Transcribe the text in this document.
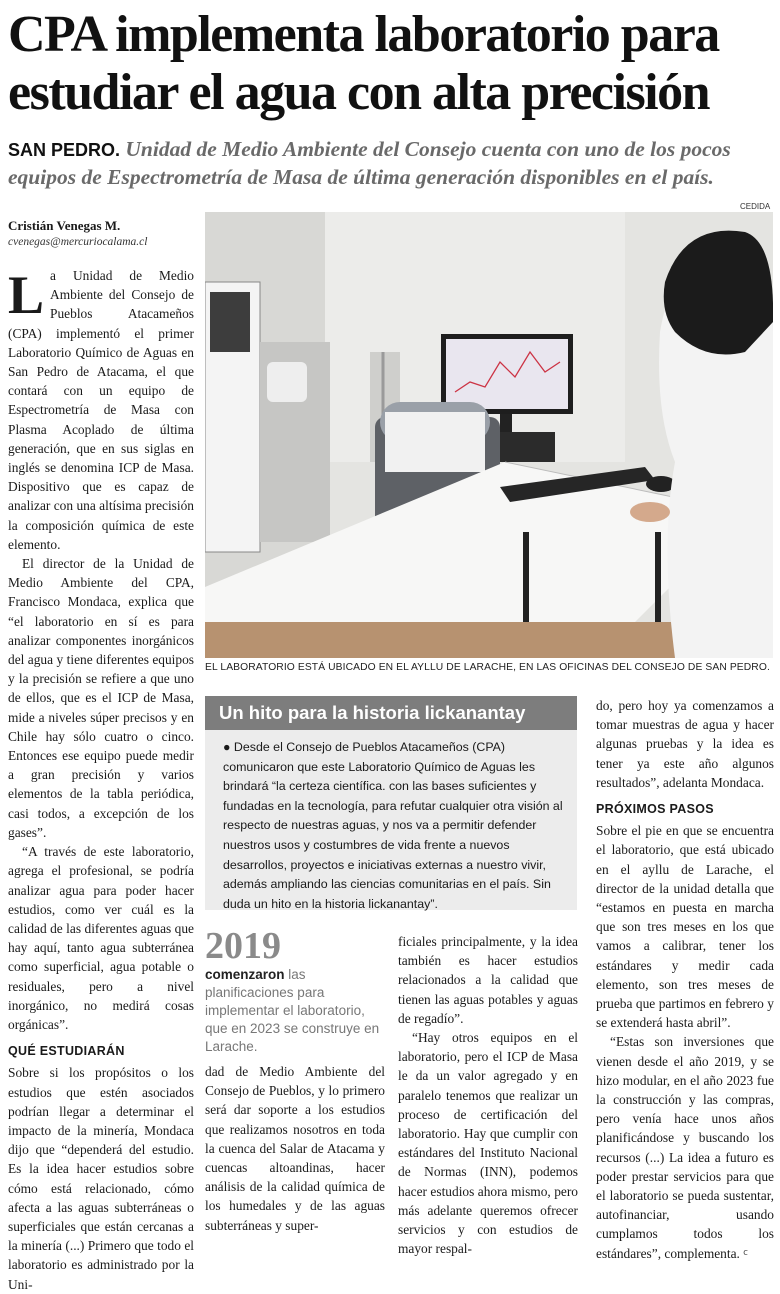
CPA implementa laboratorio para estudiar el agua con alta precisión
SAN PEDRO. Unidad de Medio Ambiente del Consejo cuenta con uno de los pocos equipos de Espectrometría de Masa de última generación disponibles en el país.
Cristián Venegas M.
cvenegas@mercuriocalama.cl

La Unidad de Medio Ambiente del Consejo de Pueblos Atacameños (CPA) implementó el primer Laboratorio Químico de Aguas en San Pedro de Atacama, el que contará con un equipo de Espectrometría de Masa con Plasma Acoplado de última generación, que en sus siglas en inglés se denomina ICP de Masa. Dispositivo que es capaz de analizar con una altísima precisión la composición química de este elemento.

El director de la Unidad de Medio Ambiente del CPA, Francisco Mondaca, explica que “el laboratorio en sí es para analizar componentes inorgánicos del agua y tiene diferentes equipos y la precisión se refiere a que uno de ellos, que es el ICP de Masa, mide a niveles súper precisos y en Chile hay sólo cuatro o cinco. Entonces ese equipo puede medir a gran precisión y varios elementos de la tabla periódica, casi todos, a excepción de los gases”.

“A través de este laboratorio, agrega el profesional, se podría analizar agua para poder hacer estudios, como ver cuál es la calidad de las diferentes aguas que hay aquí, tanto agua subterránea como superficial, agua potable o residuales, pero a nivel inorgánico, no medirá cosas orgánicas”.

QUÉ ESTUDIARÁN

Sobre si los propósitos o los estudios que estén asociados podrían llegar a determinar el impacto de la minería, Mondaca dijo que “dependerá del estudio. Es la idea hacer estudios sobre cómo está relacionado, cómo afecta a las aguas subterráneas o superficiales que están cercanas a la minería (...) Primero que todo el laboratorio es administrado por la Uni-

CEDIDA
EL LABORATORIO ESTÁ UBICADO EN EL AYLLU DE LARACHE, EN LAS OFICINAS DEL CONSEJO DE SAN PEDRO.
Un hito para la historia lickanantay
● Desde el Consejo de Pueblos Atacameños (CPA) comunicaron que este Laboratorio Químico de Aguas les brindará “la certeza científica. con las bases suficientes y fundadas en la tecnología, para refutar cualquier otra visión al respecto de nuestras aguas, y nos va a permitir defender nuestros usos y costumbres de vida frente a nuevos desarrollos, proyectos e iniciativas externas a nuestro vivir, además ampliando las ciencias comunitarias en el país. Sin duda un hito en la historia lickanantay”.
2019
comenzaron las planificaciones para implementar el laboratorio, que en 2023 se construye en Larache.

dad de Medio Ambiente del Consejo de Pueblos, y lo primero será dar soporte a los estudios que realizamos nosotros en toda la cuenca del Salar de Atacama y cuencas altoandinas, hacer análisis de la calidad química de los humedales y de las aguas subterráneas y super-

ficiales principalmente, y la idea también es hacer estudios relacionados a la calidad que tienen las aguas potables y aguas de regadío”.

“Hay otros equipos en el laboratorio, pero el ICP de Masa le da un valor agregado y en paralelo tenemos que realizar un proceso de certificación del laboratorio. Hay que cumplir con estándares del Instituto Nacional de Normas (INN), podemos hacer estudios ahora mismo, pero más adelante queremos ofrecer servicios y con estudios de mayor respal-

do, pero hoy ya comenzamos a tomar muestras de agua y hacer algunas pruebas y la idea es tener ya este año algunos resultados”, adelanta Mondaca.

PRÓXIMOS PASOS

Sobre el pie en que se encuentra el laboratorio, que está ubicado en el ayllu de Larache, el director de la unidad detalla que “estamos en puesta en marcha que son tres meses en los que vamos a calibrar, tener los estándares y medir cada elemento, son tres meses de prueba que partimos en febrero y se extenderá hasta abril”.

“Estas son inversiones que vienen desde el año 2019, y se hizo modular, en el año 2023 fue la construcción y las compras, pero venía hace unos años planificándose y buscando los recursos (...) La idea a futuro es poder prestar servicios para que el laboratorio se pueda sustentar, autofinanciar, usando cumplamos todos los estándares”, complementa. ꟲ
